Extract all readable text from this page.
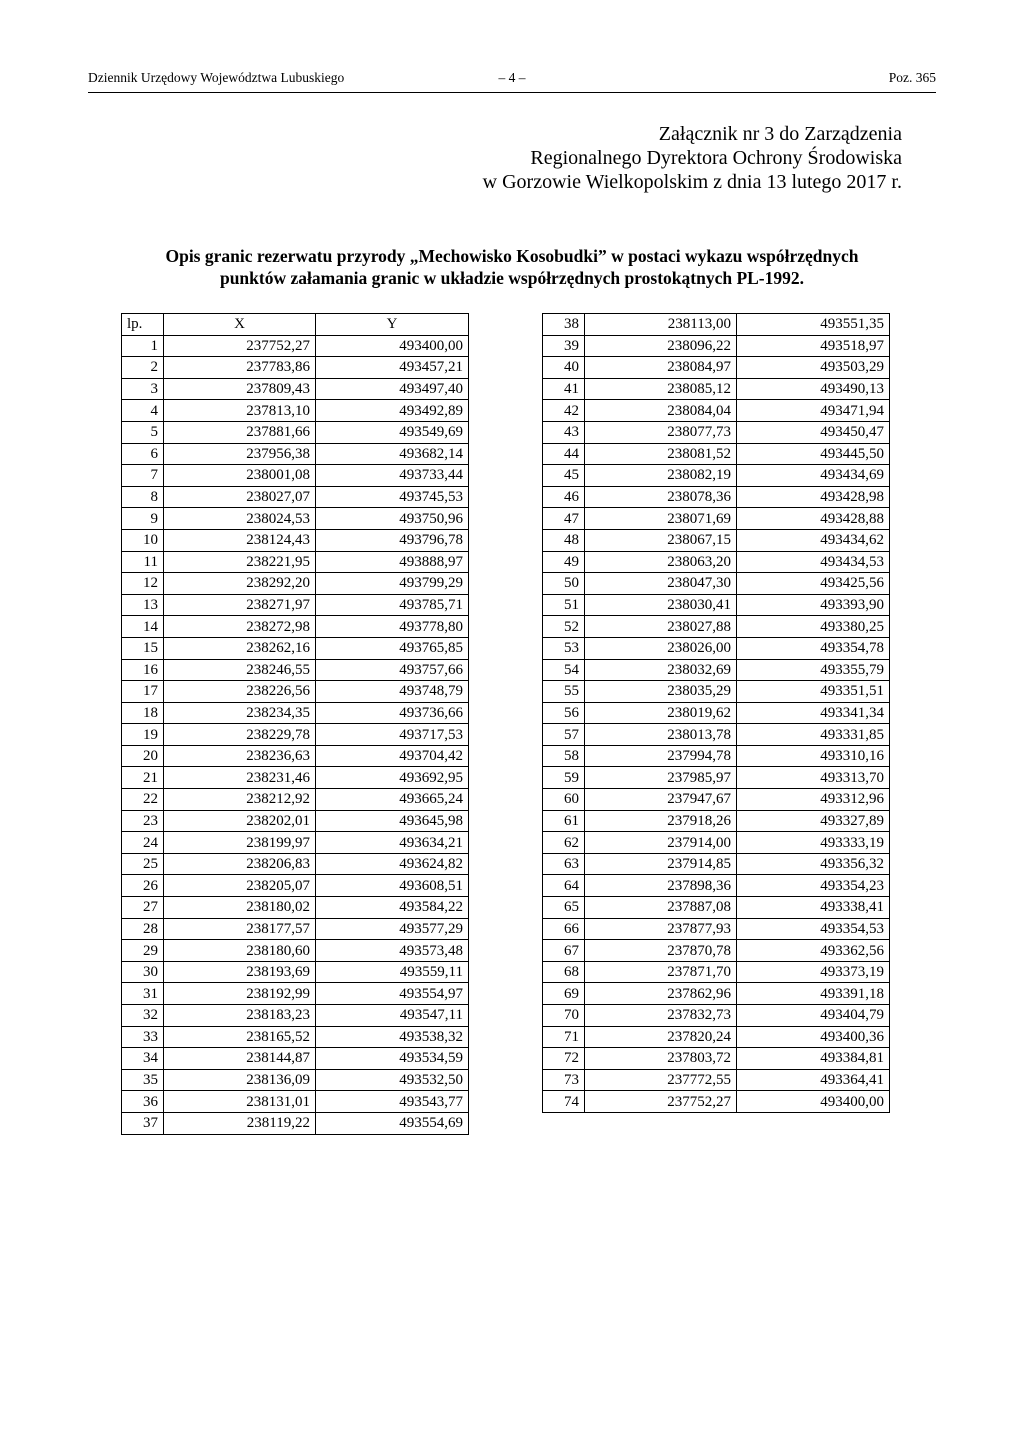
Dziennik Urzędowy Województwa Lubuskiego	– 4 –	Poz. 365
Załącznik nr 3 do Zarządzenia
Regionalnego Dyrektora Ochrony Środowiska
w Gorzowie Wielkopolskim z dnia 13 lutego 2017 r.
Opis granic rezerwatu przyrody „Mechowisko Kosobudki” w postaci wykazu współrzędnych
punktów załamania granic w układzie współrzędnych prostokątnych PL-1992.
lp.	X	Y
1	237752,27	493400,00
2	237783,86	493457,21
3	237809,43	493497,40
4	237813,10	493492,89
5	237881,66	493549,69
6	237956,38	493682,14
7	238001,08	493733,44
8	238027,07	493745,53
9	238024,53	493750,96
10	238124,43	493796,78
11	238221,95	493888,97
12	238292,20	493799,29
13	238271,97	493785,71
14	238272,98	493778,80
15	238262,16	493765,85
16	238246,55	493757,66
17	238226,56	493748,79
18	238234,35	493736,66
19	238229,78	493717,53
20	238236,63	493704,42
21	238231,46	493692,95
22	238212,92	493665,24
23	238202,01	493645,98
24	238199,97	493634,21
25	238206,83	493624,82
26	238205,07	493608,51
27	238180,02	493584,22
28	238177,57	493577,29
29	238180,60	493573,48
30	238193,69	493559,11
31	238192,99	493554,97
32	238183,23	493547,11
33	238165,52	493538,32
34	238144,87	493534,59
35	238136,09	493532,50
36	238131,01	493543,77
37	238119,22	493554,69
38	238113,00	493551,35
39	238096,22	493518,97
40	238084,97	493503,29
41	238085,12	493490,13
42	238084,04	493471,94
43	238077,73	493450,47
44	238081,52	493445,50
45	238082,19	493434,69
46	238078,36	493428,98
47	238071,69	493428,88
48	238067,15	493434,62
49	238063,20	493434,53
50	238047,30	493425,56
51	238030,41	493393,90
52	238027,88	493380,25
53	238026,00	493354,78
54	238032,69	493355,79
55	238035,29	493351,51
56	238019,62	493341,34
57	238013,78	493331,85
58	237994,78	493310,16
59	237985,97	493313,70
60	237947,67	493312,96
61	237918,26	493327,89
62	237914,00	493333,19
63	237914,85	493356,32
64	237898,36	493354,23
65	237887,08	493338,41
66	237877,93	493354,53
67	237870,78	493362,56
68	237871,70	493373,19
69	237862,96	493391,18
70	237832,73	493404,79
71	237820,24	493400,36
72	237803,72	493384,81
73	237772,55	493364,41
74	237752,27	493400,00
